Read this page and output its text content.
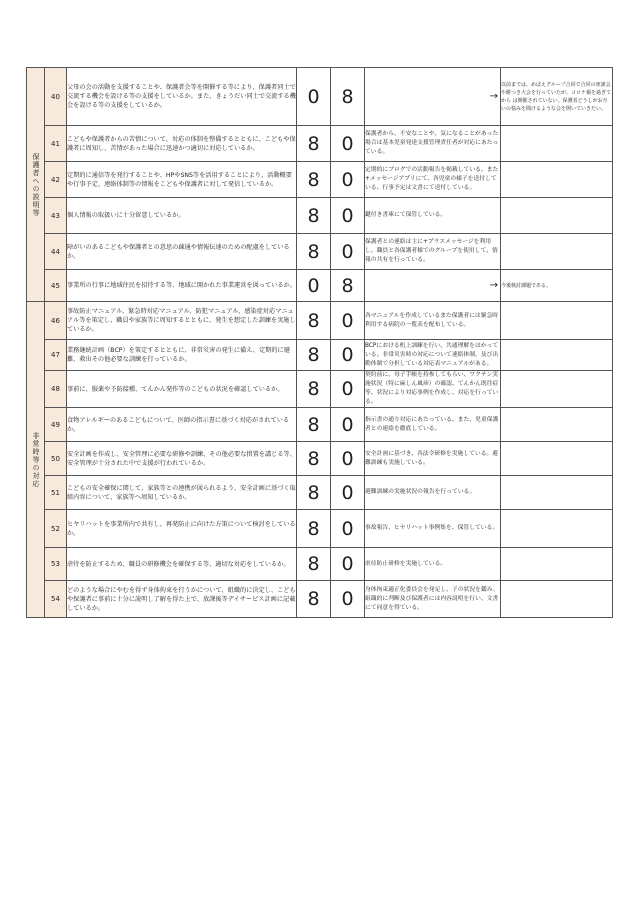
保護者への説明等	40	父母の会の活動を支援することや、保護者会等を開催する等により、保護者同士で交流する機会を設ける等の支援をしているか。また、きょうだい同士で交流する機会を設ける等の支援をしているか。	0	8	→	以前までは、めばえグループ合同で合同の座談会や餅つき大会を行っていたが、コロナ禍を過ぎてから は開催されていない。保護者どうしがお互いの悩みを聞けるような会を開いていきたい。
	41	こどもや保護者からの苦情について、対応の体制を整備するとともに、こどもや保護者に周知し、苦情があった場合に迅速かつ適切に対応しているか。	8	0	保護者から、不安なことや、気になることがあった場合は基本児童発達支援管理責任者が対応にあたっている。	
	42	定期的に通信等を発行することや、HPやSNS等を活用することにより、活動概要や行事予定、連絡体制等の情報をこどもや保護者に対して発信しているか。	8	0	定期的にブログでの活動報告を掲載している。また+メッセージアプリにて、各児童の様子を送付している。行事予定は文書にて送付している。	
	43	個人情報の取扱いに十分留意しているか。	8	0	鍵付き書庫にて保管している。	
	44	障がいのあるこどもや保護者との意思の疎通や情報伝達のための配慮をしているか。	8	0	保護者との連絡は主に+プラスメッセージを利用し、職員と各保護者様でのグループを使用して、情報の共有を行っている。	
	45	事業所の行事に地域住民を招待する等、地域に開かれた事業運営を図っているか。	0	8	→	今後検討課題である。
非常時等の対応	46	事故防止マニュアル、緊急時対応マニュアル、防犯マニュアル、感染症対応マニュアル等を策定し、職員や家族等に周知するとともに、発生を想定した訓練を実施しているか。	8	0	各マニュアルを作成しているまた保護者には緊急時利用する病院の一覧表を配布している。	
	47	業務継続計画（BCP）を策定するとともに、非常災害の発生に備え、定期的に避難、救出その他必要な訓練を行っているか。	8	0	BCPにおける机上訓練を行い、共通理解をはかっている。非常災害時の対応について連絡体制、及び出勤体制で分担している対応表マニュアルがある。	
	48	事前に、服薬や予防接種、てんかん発作等のこどもの状況を確認しているか。	8	0	契約前に、母子手帳を持参してもらい、ワクチン実施状況（特に麻しん風疹）の確認、てんかん既往症等、状況により対応事例を作成し、対応を行っている。	
	49	食物アレルギーのあるこどもについて、医師の指示書に基づく対応がされているか。	8	0	指示書の通り対応にあたっている。また、児童保護者との連絡を徹底している。	
	50	安全計画を作成し、安全管理に必要な研修や訓練、その他必要な措置を講じる等、安全管理が十分された中で支援が行われているか。	8	0	安全計画に基づき、各法令研修を実施している。避難訓練も実施している。	
	51	こどもの安全確保に関して、家族等との連携が図られるよう、安全計画に基づく取組内容について、家族等へ周知しているか。	8	0	避難訓練の実施状況の報告を行っている。	
	52	ヒヤリハットを事業所内で共有し、再発防止に向けた方策について検討をしているか。	8	0	事故報告、ヒヤリハット事例集を、保管している。	
	53	虐待を防止するため、職員の研修機会を確保する等、適切な対応をしているか。	8	0	虐待防止研修を実施している。	
	54	どのような場合にやむを得ず身体拘束を行うかについて、組織的に決定し、こどもや保護者に事前に十分に説明し了解を得た上で、放課後等デイサービス計画に記載しているか。	8	0	身体拘束適正化委員会を発足し、子の状況を鑑み、組織的に判断及び保護者には内容説明を行い、文書にて同意を得ている。	
